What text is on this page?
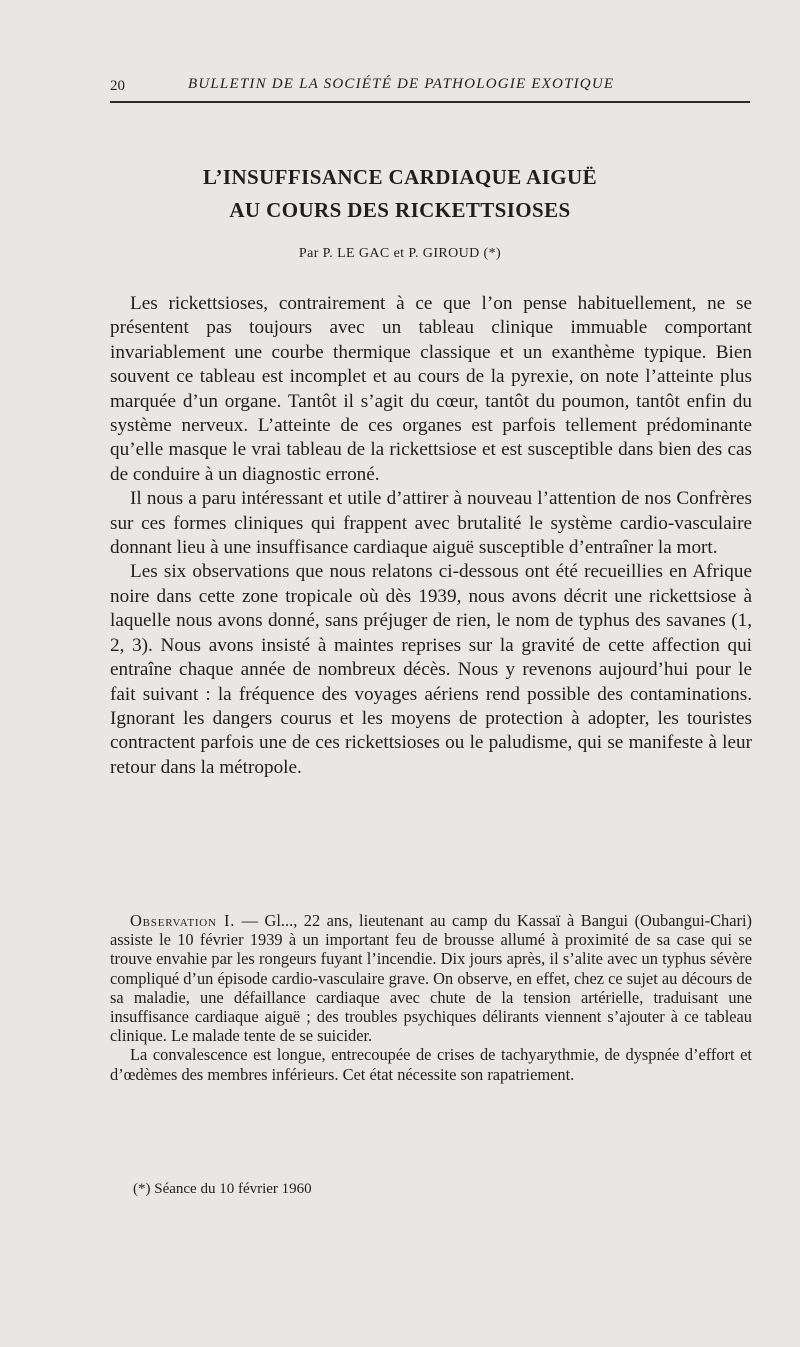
20	BULLETIN DE LA SOCIÉTÉ DE PATHOLOGIE EXOTIQUE
L’INSUFFISANCE CARDIAQUE AIGUË
AU COURS DES RICKETTSIOSES
Par P. LE GAC et P. GIROUD (*)

Les rickettsioses, contrairement à ce que l’on pense habituellement, ne se présentent pas toujours avec un tableau clinique immuable comportant invariablement une courbe thermique classique et un exanthème typique. Bien souvent ce tableau est incomplet et au cours de la pyrexie, on note l’atteinte plus marquée d’un organe. Tantôt il s’agit du cœur, tantôt du poumon, tantôt enfin du système nerveux. L’atteinte de ces organes est parfois tellement prédominante qu’elle masque le vrai tableau de la rickettsiose et est susceptible dans bien des cas de conduire à un diagnostic erroné.

Il nous a paru intéressant et utile d’attirer à nouveau l’attention de nos Confrères sur ces formes cliniques qui frappent avec brutalité le système cardio-vasculaire donnant lieu à une insuffisance cardiaque aiguë susceptible d’entraîner la mort.

Les six observations que nous relatons ci-dessous ont été recueillies en Afrique noire dans cette zone tropicale où dès 1939, nous avons décrit une rickettsiose à laquelle nous avons donné, sans préjuger de rien, le nom de typhus des savanes (1, 2, 3). Nous avons insisté à maintes reprises sur la gravité de cette affection qui entraîne chaque année de nombreux décès. Nous y revenons aujourd’hui pour le fait suivant : la fréquence des voyages aériens rend possible des contaminations. Ignorant les dangers courus et les moyens de protection à adopter, les touristes contractent parfois une de ces rickettsioses ou le paludisme, qui se manifeste à leur retour dans la métropole.

Observation I. — Gl..., 22 ans, lieutenant au camp du Kassaï à Bangui (Oubangui-Chari) assiste le 10 février 1939 à un important feu de brousse allumé à proximité de sa case qui se trouve envahie par les rongeurs fuyant l’incendie. Dix jours après, il s’alite avec un typhus sévère compliqué d’un épisode cardio-vasculaire grave. On observe, en effet, chez ce sujet au décours de sa maladie, une défaillance cardiaque avec chute de la tension artérielle, traduisant une insuffisance cardiaque aiguë ; des troubles psychiques délirants viennent s’ajouter à ce tableau clinique. Le malade tente de se suicider.

La convalescence est longue, entrecoupée de crises de tachyarythmie, de dyspnée d’effort et d’œdèmes des membres inférieurs. Cet état nécessite son rapatriement.

(*) Séance du 10 février 1960
